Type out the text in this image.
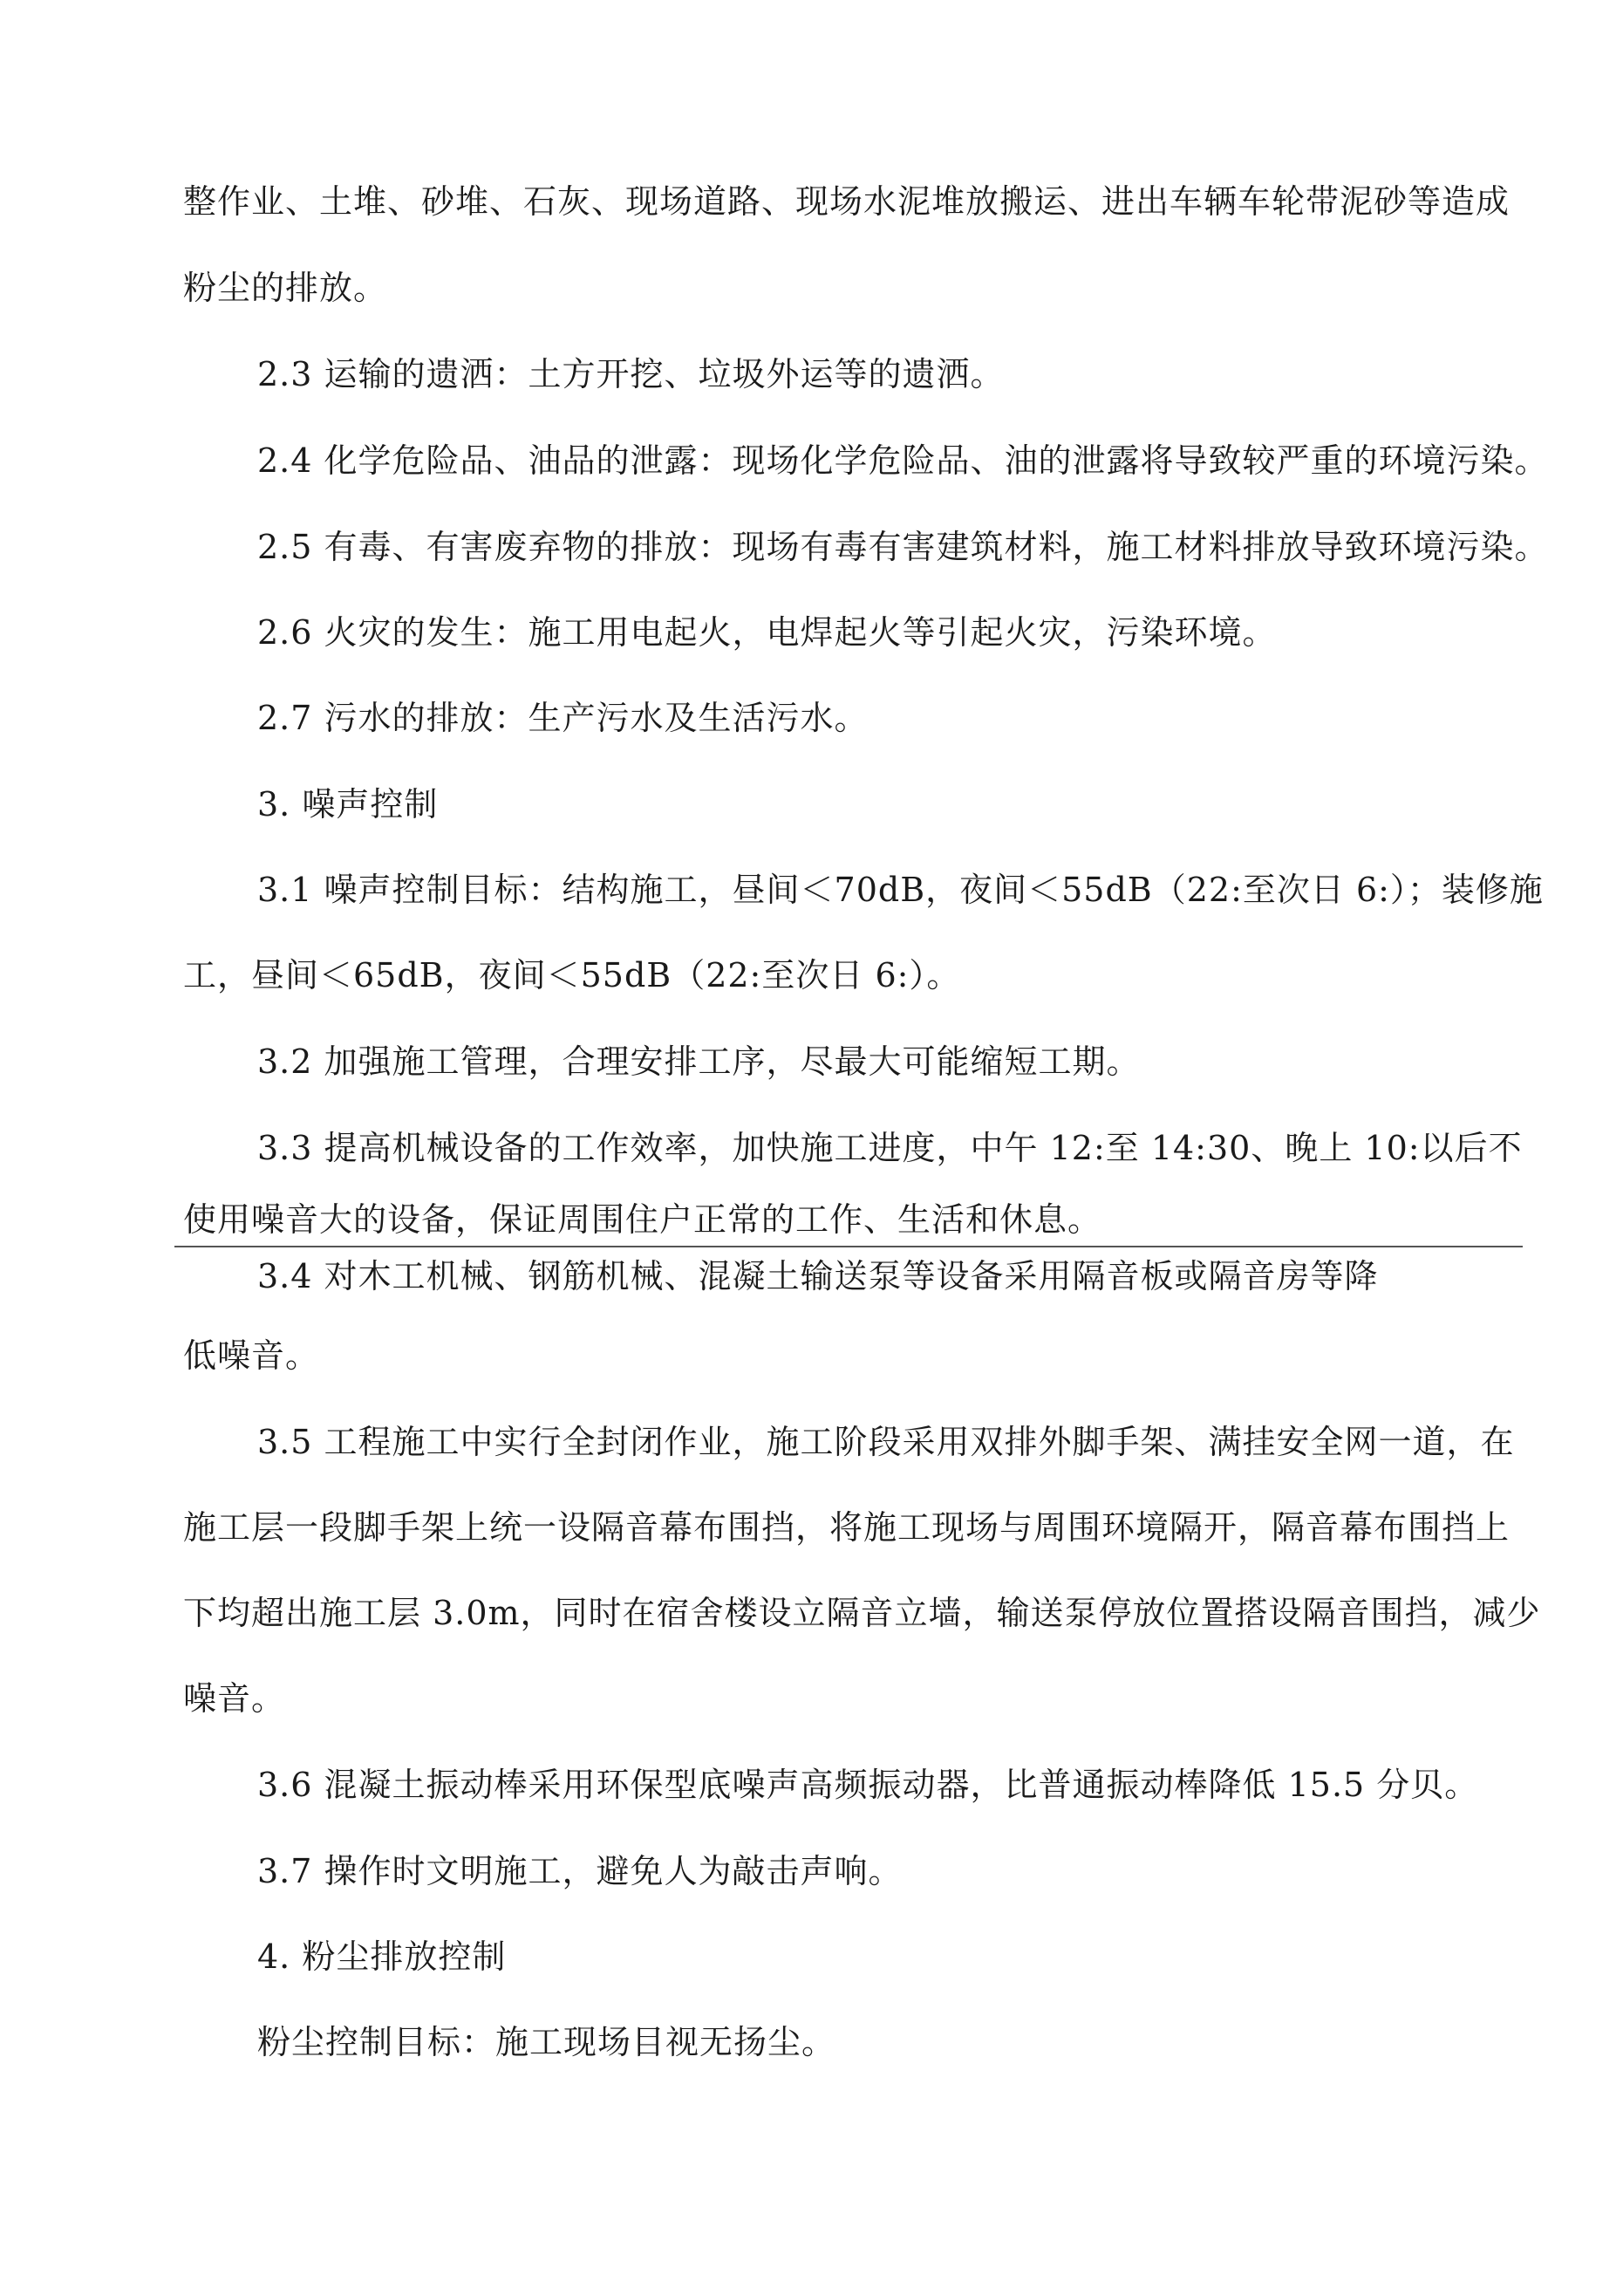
整作业、土堆、砂堆、石灰、现场道路、现场水泥堆放搬运、进出车辆车轮带泥砂等造成
粉尘的排放。
2.3 运输的遗洒：土方开挖、垃圾外运等的遗洒。
2.4 化学危险品、油品的泄露：现场化学危险品、油的泄露将导致较严重的环境污染。
2.5 有毒、有害废弃物的排放：现场有毒有害建筑材料，施工材料排放导致环境污染。
2.6 火灾的发生：施工用电起火，电焊起火等引起火灾，污染环境。
2.7 污水的排放：生产污水及生活污水。
3. 噪声控制
3.1 噪声控制目标：结构施工，昼间＜70dB，夜间＜55dB（22:至次日 6:）；装修施
工，昼间＜65dB，夜间＜55dB（22:至次日 6:）。
3.2 加强施工管理，合理安排工序，尽最大可能缩短工期。
3.3 提高机械设备的工作效率，加快施工进度，中午 12:至 14:30、晚上 10:以后不
使用噪音大的设备，保证周围住户正常的工作、生活和休息。
3.4 对木工机械、钢筋机械、混凝土输送泵等设备采用隔音板或隔音房等降
低噪音。
3.5 工程施工中实行全封闭作业，施工阶段采用双排外脚手架、满挂安全网一道，在
施工层一段脚手架上统一设隔音幕布围挡，将施工现场与周围环境隔开，隔音幕布围挡上
下均超出施工层 3.0m，同时在宿舍楼设立隔音立墙，输送泵停放位置搭设隔音围挡，减少
噪音。
3.6 混凝土振动棒采用环保型底噪声高频振动器，比普通振动棒降低 15.5 分贝。
3.7 操作时文明施工，避免人为敲击声响。
4. 粉尘排放控制
粉尘控制目标：施工现场目视无扬尘。
